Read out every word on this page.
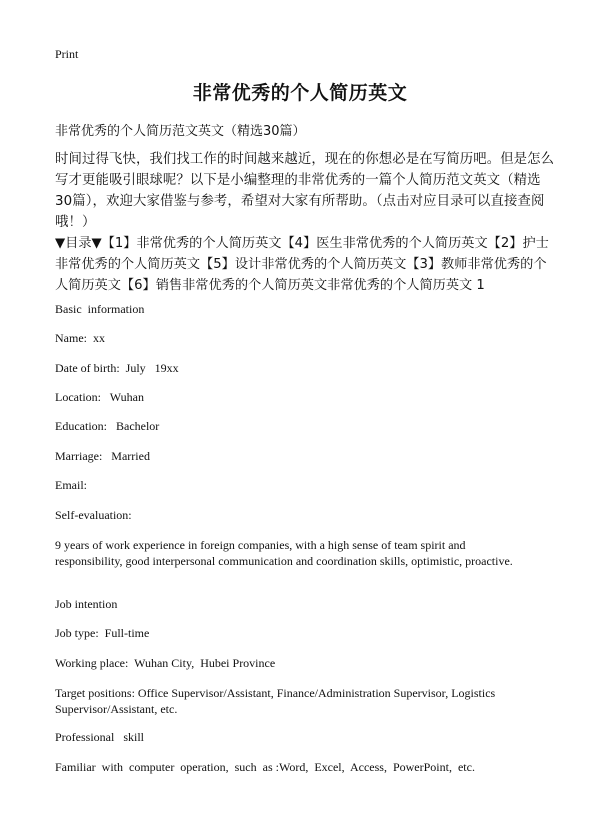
Print
非常优秀的个人简历英文
非常优秀的个人简历范文英文（精选30篇）
时间过得飞快，我们找工作的时间越来越近，现在的你想必是在写简历吧。但是怎么写才更能吸引眼球呢？以下是小编整理的非常优秀的一篇个人简历范文英文（精选30篇），欢迎大家借鉴与参考，希望对大家有所帮助。（点击对应目录可以直接查阅哦！）
▼目录▼【1】非常优秀的个人简历英文【4】医生非常优秀的个人简历英文【2】护士非常优秀的个人简历英文【5】设计非常优秀的个人简历英文【3】教师非常优秀的个人简历英文【6】销售非常优秀的个人简历英文非常优秀的个人简历英文 1
Basic  information
Name:  xx
Date of birth:  July   19xx
Location:   Wuhan
Education:   Bachelor
Marriage:   Married
Email:
Self-evaluation:
9 years of work experience in foreign companies, with a high sense of team spirit and responsibility, good interpersonal communication and coordination skills, optimistic, proactive.
Job intention
Job type:  Full-time
Working place:  Wuhan City,  Hubei Province
Target positions: Office Supervisor/Assistant, Finance/Administration Supervisor, Logistics Supervisor/Assistant, etc.
Professional   skill
Familiar  with  computer  operation,  such  as :Word,  Excel,  Access,  PowerPoint,  etc.
